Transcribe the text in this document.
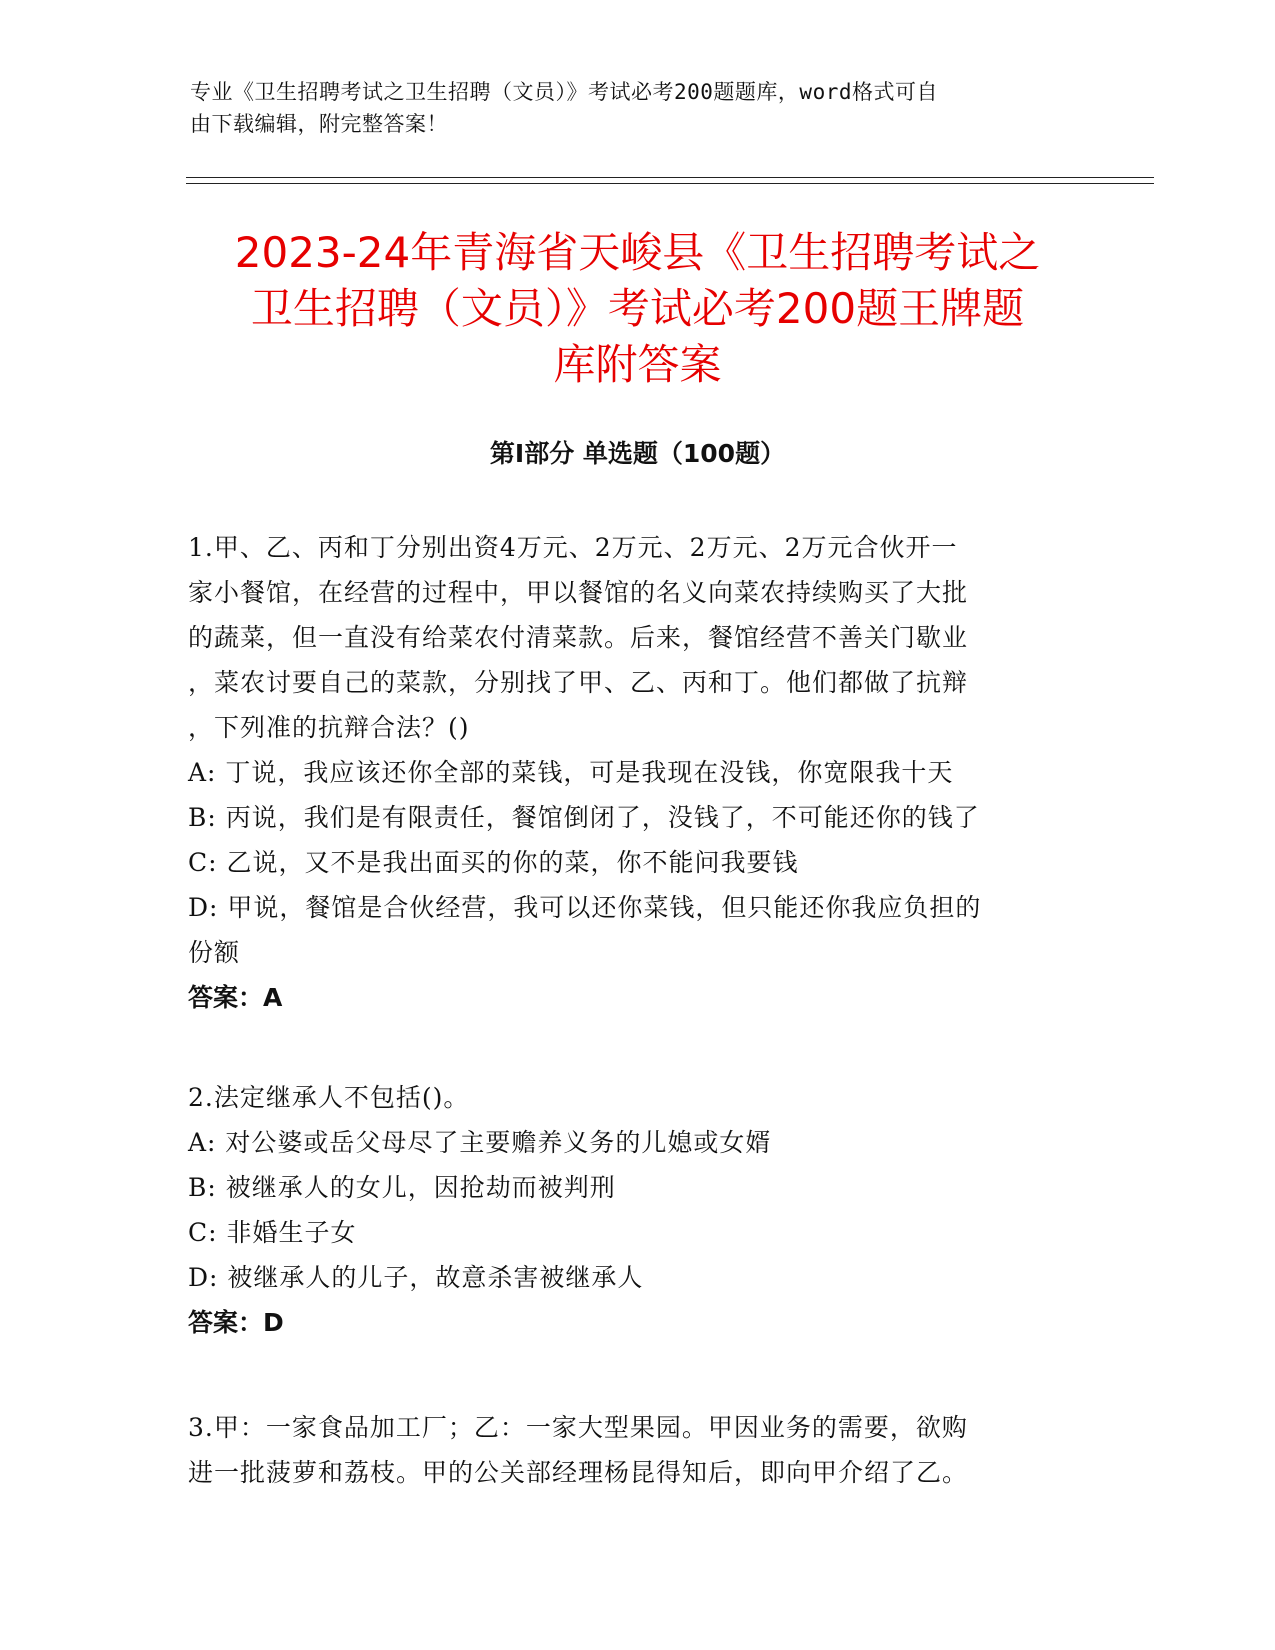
专业《卫生招聘考试之卫生招聘（文员）》考试必考200题题库，word格式可自
由下载编辑，附完整答案！
2023-24年青海省天峻县《卫生招聘考试之
卫生招聘（文员）》考试必考200题王牌题
库附答案
第I部分 单选题（100题）
1.甲、乙、丙和丁分别出资4万元、2万元、2万元、2万元合伙开一
家小餐馆，在经营的过程中，甲以餐馆的名义向菜农持续购买了大批
的蔬菜，但一直没有给菜农付清菜款。后来，餐馆经营不善关门歇业
，菜农讨要自己的菜款，分别找了甲、乙、丙和丁。他们都做了抗辩
，下列准的抗辩合法？()
A: 丁说，我应该还你全部的菜钱，可是我现在没钱，你宽限我十天
B: 丙说，我们是有限责任，餐馆倒闭了，没钱了，不可能还你的钱了
C: 乙说，又不是我出面买的你的菜，你不能问我要钱
D: 甲说，餐馆是合伙经营，我可以还你菜钱，但只能还你我应负担的
份额
答案：A
2.法定继承人不包括()。
A: 对公婆或岳父母尽了主要赡养义务的儿媳或女婿
B: 被继承人的女儿，因抢劫而被判刑
C: 非婚生子女
D: 被继承人的儿子，故意杀害被继承人
答案：D
3.甲：一家食品加工厂；乙：一家大型果园。甲因业务的需要，欲购
进一批菠萝和荔枝。甲的公关部经理杨昆得知后，即向甲介绍了乙。
